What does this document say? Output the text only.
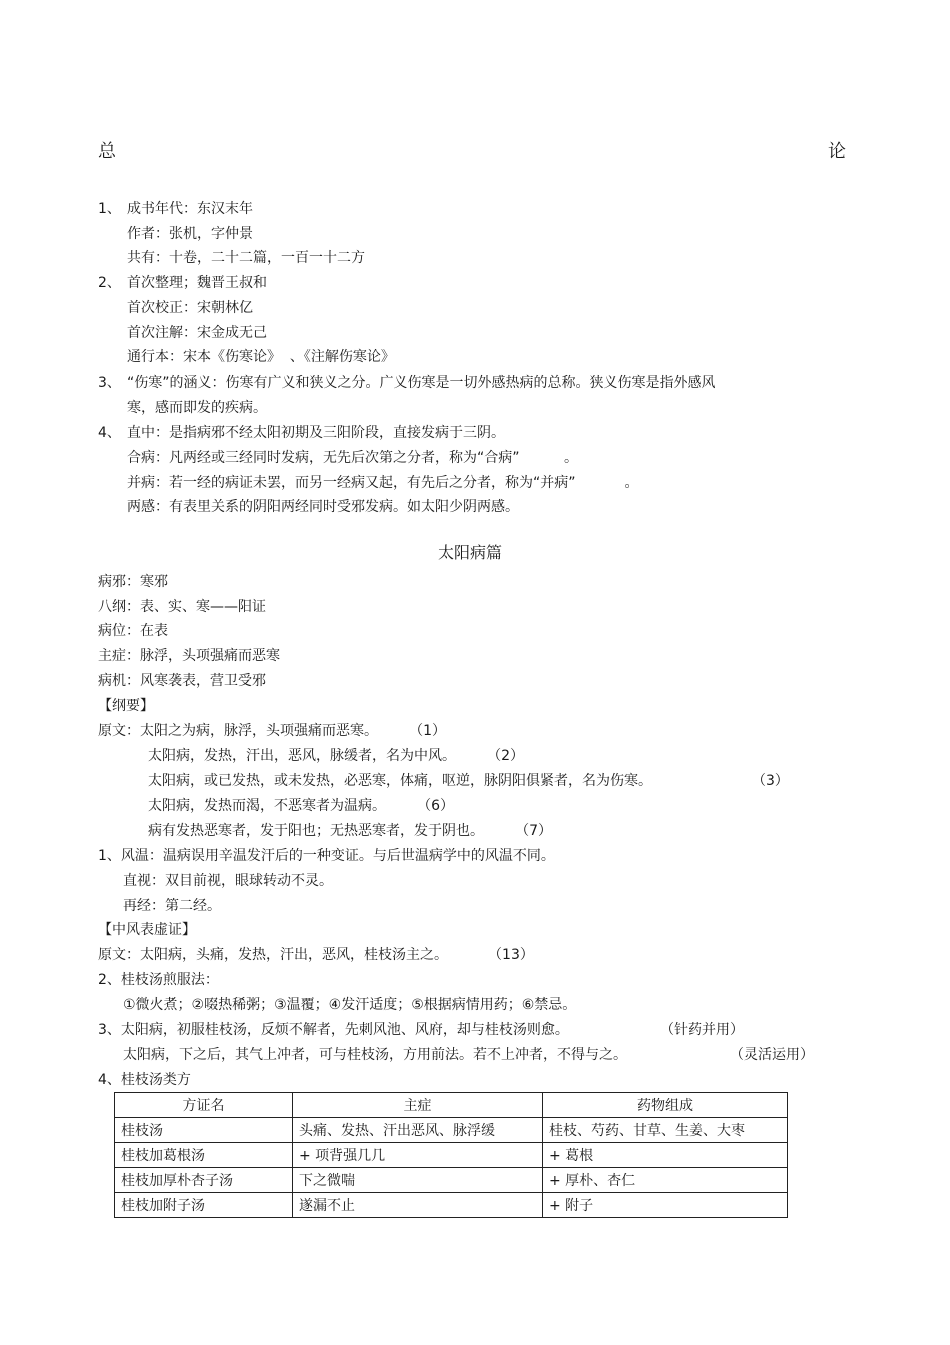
总	论
1、 成书年代：东汉末年
作者：张机，字仲景
共有：十卷，二十二篇，一百一十二方
2、 首次整理；魏晋王叔和
首次校正：宋朝林亿
首次注解：宋金成无己
通行本：宋本《伤寒论》  、《注解伤寒论》
3、 “伤寒”的涵义：伤寒有广义和狭义之分。广义伤寒是一切外感热病的总称。狭义伤寒是指外感风
寒，感而即发的疾病。
4、 直中：是指病邪不经太阳初期及三阳阶段，直接发病于三阴。
合病：凡两经或三经同时发病，无先后次第之分者，称为“合病”          。
并病：若一经的病证未罢，而另一经病又起，有先后之分者，称为“并病”           。
两感：有表里关系的阴阳两经同时受邪发病。如太阳少阴两感。
太阳病篇
病邪：寒邪
八纲：表、实、寒——阳证
病位：在表
主症：脉浮，头项强痛而恶寒
病机：风寒袭表，营卫受邪
【纲要】
原文：太阳之为病，脉浮，头项强痛而恶寒。       （1）
太阳病，发热，汗出，恶风，脉缓者，名为中风。       （2）
太阳病，或已发热，或未发热，必恶寒，体痛，呕逆，脉阴阳俱紧者，名为伤寒。	（3）
太阳病，发热而渴，不恶寒者为温病。       （6）
病有发热恶寒者，发于阳也；无热恶寒者，发于阴也。       （7）
1、风温：温病误用辛温发汗后的一种变证。与后世温病学中的风温不同。
直视：双目前视，眼球转动不灵。
再经：第二经。
【中风表虚证】
原文：太阳病，头痛，发热，汗出，恶风，桂枝汤主之。         （13）
2、桂枝汤煎服法：
①微火煮；②啜热稀粥；③温覆；④发汗适度；⑤根据病情用药；⑥禁忌。
3、太阳病，初服桂枝汤，反烦不解者，先刺风池、风府，却与桂枝汤则愈。	（针药并用）
太阳病，下之后，其气上冲者，可与桂枝汤，方用前法。若不上冲者，不得与之。	（灵活运用）
4、桂枝汤类方
方证名	主症	药物组成
桂枝汤	头痛、发热、汗出恶风、脉浮缓	桂枝、芍药、甘草、生姜、大枣
桂枝加葛根汤	+ 项背强几几	+ 葛根
桂枝加厚朴杏子汤	下之微喘	+ 厚朴、杏仁
桂枝加附子汤	遂漏不止	+ 附子
